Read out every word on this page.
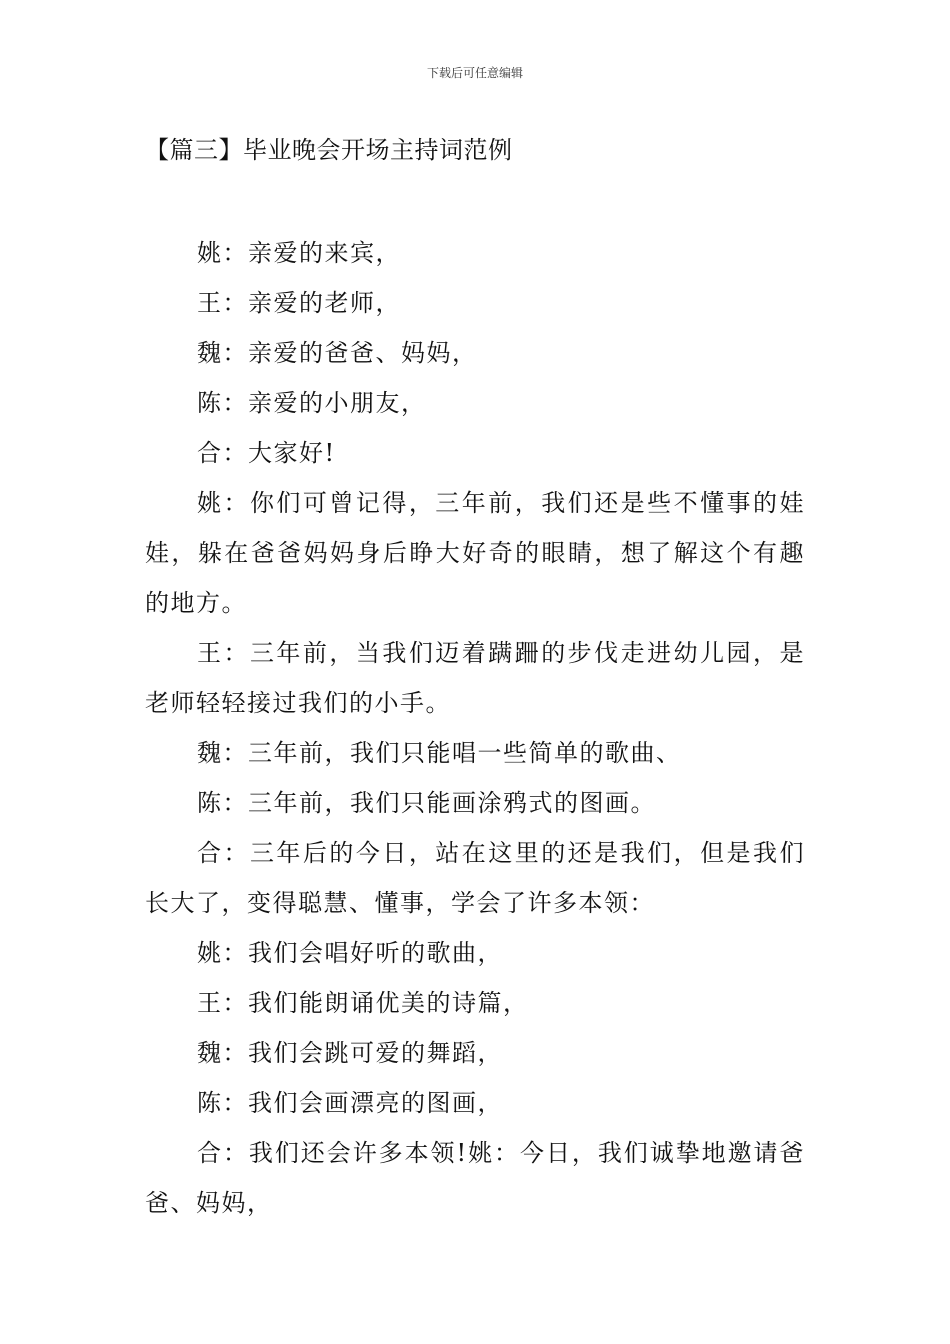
下载后可任意编辑
【篇三】毕业晚会开场主持词范例

姚：亲爱的来宾，

王：亲爱的老师，

魏：亲爱的爸爸、妈妈，

陈：亲爱的小朋友，

合：大家好!

姚：你们可曾记得，三年前，我们还是些不懂事的娃娃，躲在爸爸妈妈身后睁大好奇的眼睛，想了解这个有趣的地方。

王：三年前，当我们迈着蹒跚的步伐走进幼儿园，是老师轻轻接过我们的小手。

魏：三年前，我们只能唱一些简单的歌曲、

陈：三年前，我们只能画涂鸦式的图画。

合：三年后的今日，站在这里的还是我们，但是我们长大了，变得聪慧、懂事，学会了许多本领：

姚：我们会唱好听的歌曲，

王：我们能朗诵优美的诗篇，

魏：我们会跳可爱的舞蹈，

陈：我们会画漂亮的图画，

合：我们还会许多本领!姚：今日，我们诚挚地邀请爸爸、妈妈，
